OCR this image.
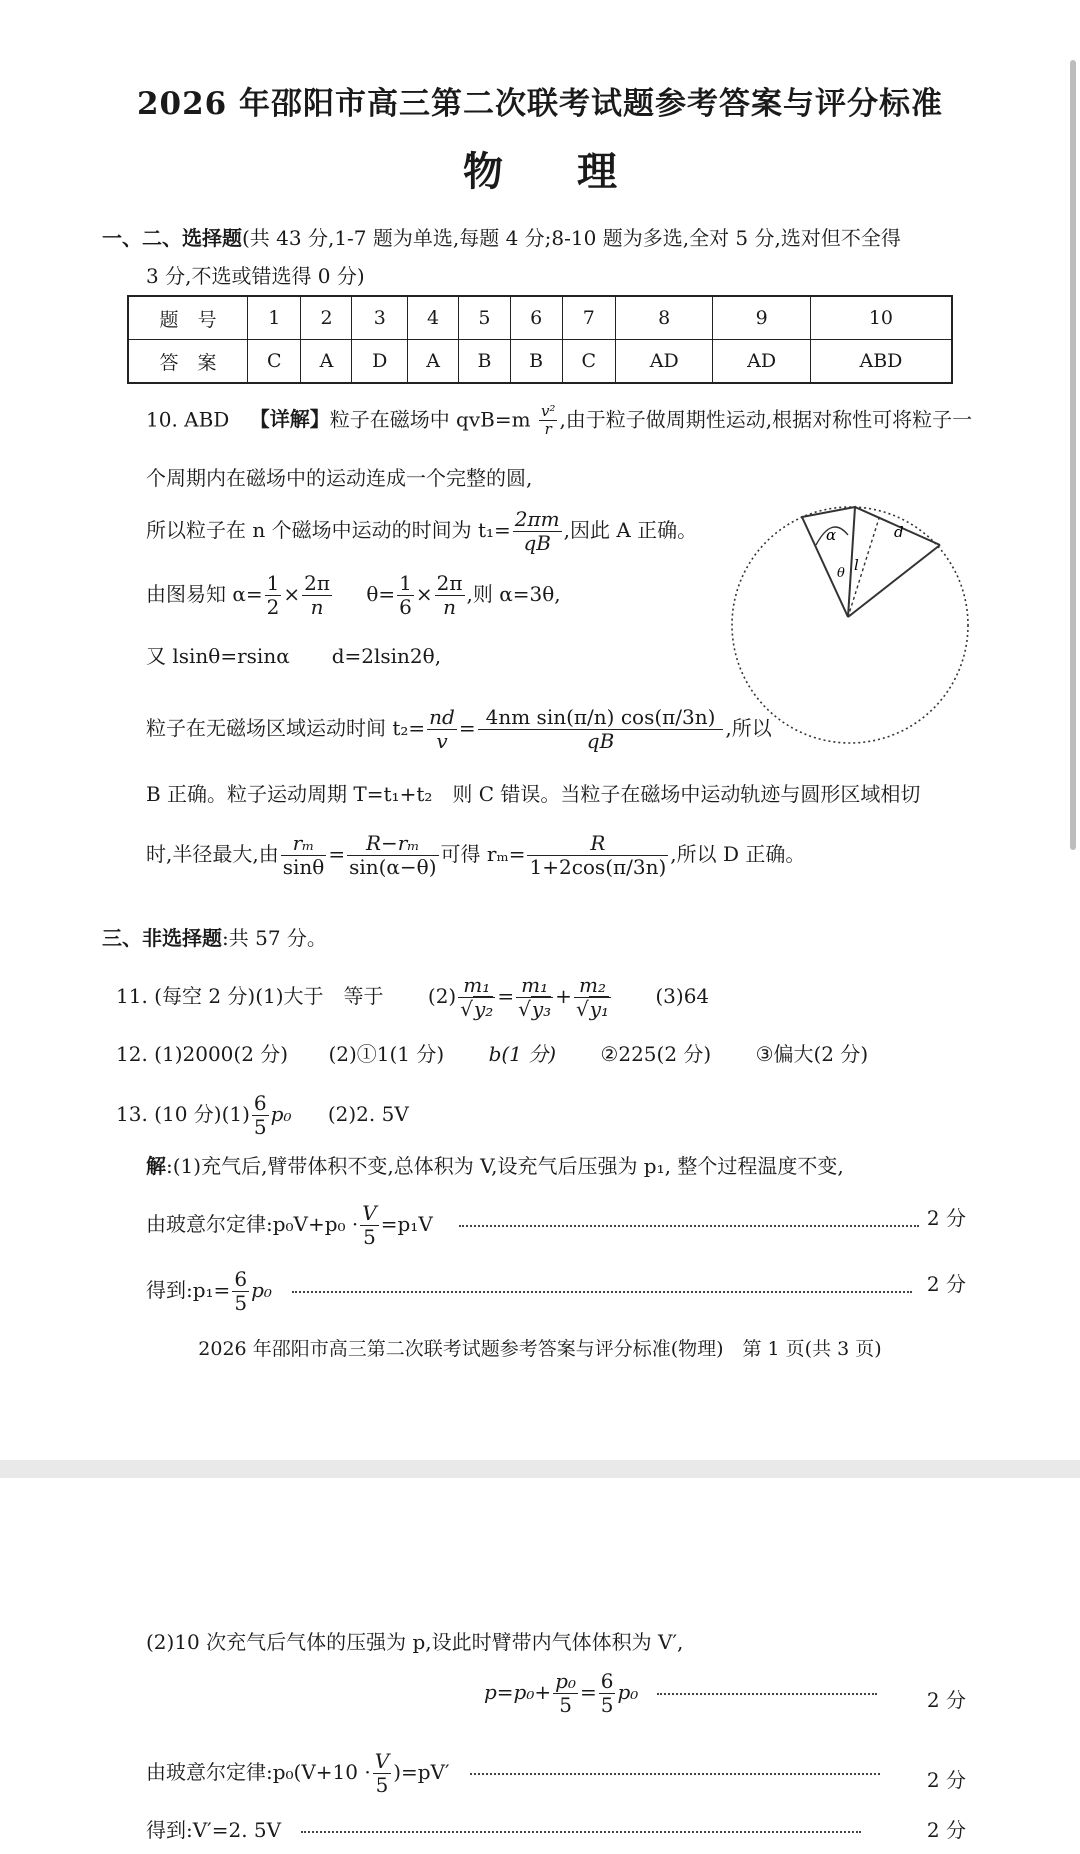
2026 年邵阳市高三第二次联考试题参考答案与评分标准
物 理
一、二、选择题(共 43 分,1-7 题为单选,每题 4 分;8-10 题为多选,全对 5 分,选对但不全得
3 分,不选或错选得 0 分)
题　号	1	2	3	4	5	6	7	8	9	10
答　案	C	A	D	A	B	B	C	AD	AD	ABD
10. ABD 【详解】粒子在磁场中 $qvB=m \frac{\text{v²}}{r}$ ,由于粒子做周期性运动,根据对称性可将粒子一
个周期内在磁场中的运动连成一个完整的圆,
所以粒子在 n 个磁场中运动的时间为 $t_1= \frac{2\pi m}{qB}$ ,因此 A 正确。
由图易知 $\alpha= \frac{1}{2} \times \frac{2\pi}{n} \theta= \frac{1}{6} \times \frac{2\pi}{n}$ ,则 α=3θ,
又 lsinθ=rsinα d=2lsin2θ,
粒子在无磁场区域运动时间 $t_2= \frac{nd}{v} = \frac{\text{4nm sin(π/n) cos(π/3n)}}{qB}$ ,所以
B 正确。粒子运动周期 T=t₁+t₂　则 C 错误。当粒子在磁场中运动轨迹与圆形区域相切
时,半径最大,由 $\frac{\text{rₘ}}{\sin\theta} = \frac{\text{R−rₘ}}{\sin(\alpha-\theta)}$ 可得 $r_m= \frac{R}{1+2\cos(\pi/3n)}$ ,所以 D 正确。
α
θ l
d
三、非选择题:共 57 分。
11. (每空 2 分)(1)大于　等于 $(2) \frac{\text{m₁}}{\text{√y₂}} = \frac{\text{m₁}}{\text{√y₃}} + \frac{\text{m₂}}{\text{√y₁}} (3)64$
12. (1)2000(2 分) (2)①1(1 分) b(1 分) ②225(2 分) ③偏大(2 分)
13. (10 分)$(1) \frac{6}{5} p_0$ (2)2. 5V
解:(1)充气后,臂带体积不变,总体积为 V,设充气后压强为 p₁, 整个过程温度不变,
由玻意尔定律:p₀V+p₀ · $\frac{V}{5} =p_1V$	2 分
得到:p₁= $\frac{6}{5} p_0$	2 分
2026 年邵阳市高三第二次联考试题参考答案与评分标准(物理)　第 1 页(共 3 页)
(2)10 次充气后气体的压强为 p,设此时臂带内气体体积为 V′,
$p=p_0+ \frac{\text{p₀}}{5} = \frac{6}{5} p_0$	2 分
由玻意尔定律:p₀(V+10 · $\frac{V}{5} )=pV'$	2 分
得到:V′=2. 5V	2 分
